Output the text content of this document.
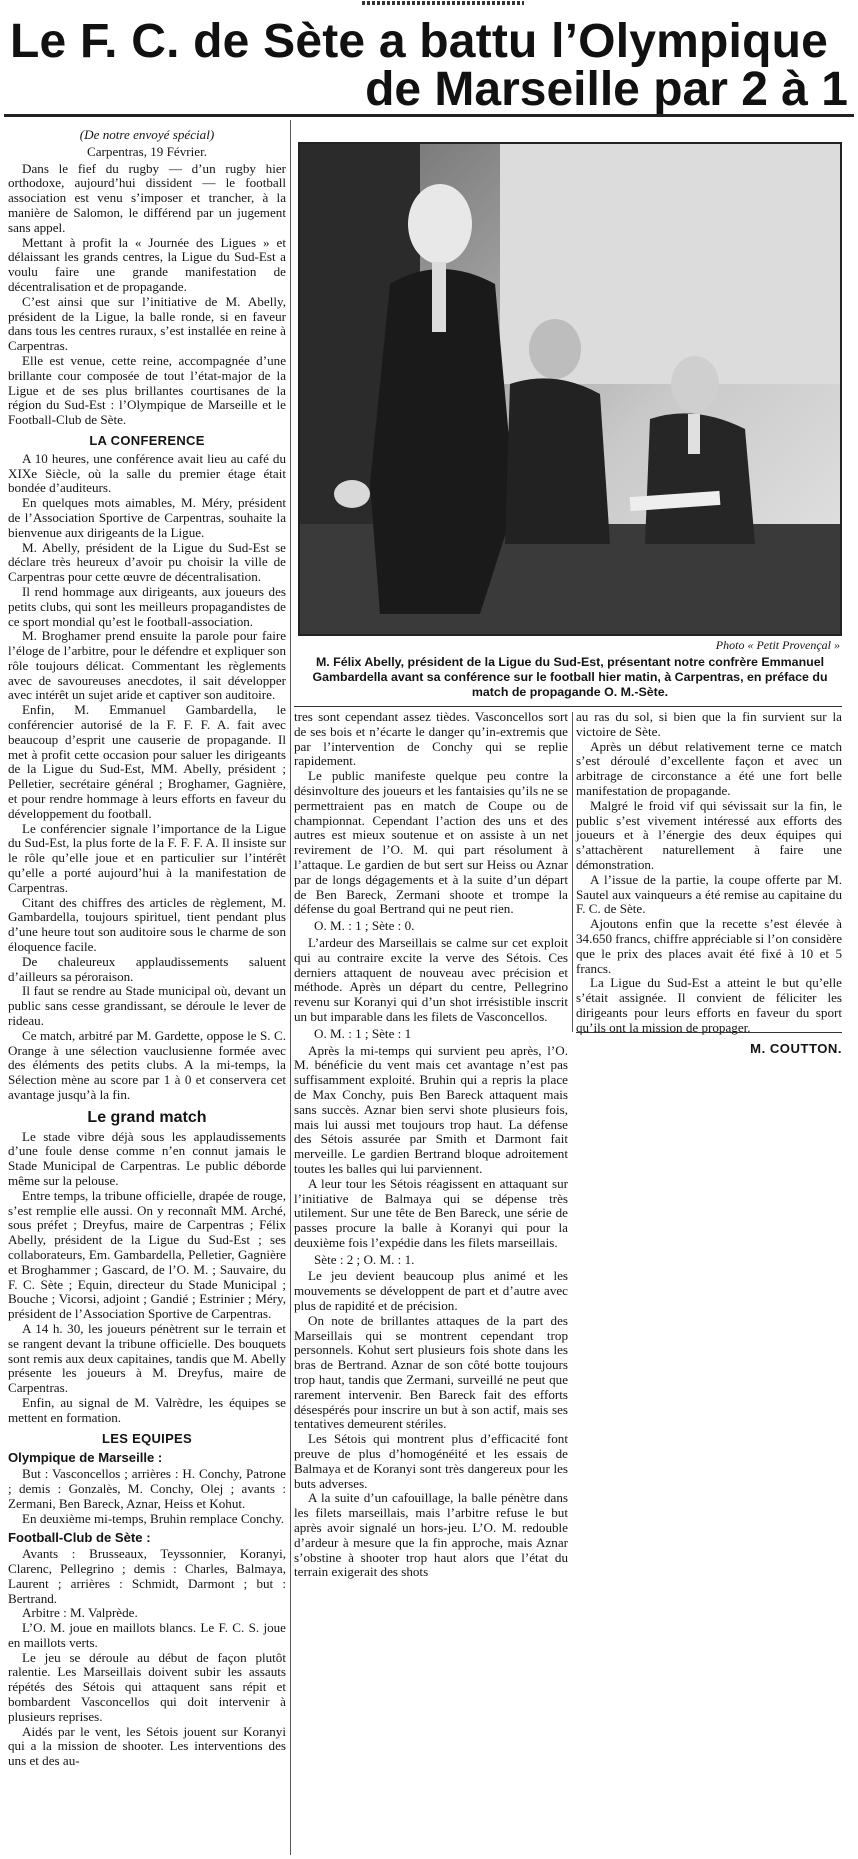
Le F. C. de Sète a battu l’Olympique
de Marseille par 2 à 1
(De notre envoyé spécial)
Carpentras, 19 Février.

Dans le fief du rugby — d’un rugby hier orthodoxe, aujourd’hui dissident — le football association est venu s’imposer et trancher, à la manière de Salomon, le différend par un jugement sans appel.

Mettant à profit la « Journée des Ligues » et délaissant les grands centres, la Ligue du Sud-Est a voulu faire une grande manifestation de décentralisation et de propagande.

C’est ainsi que sur l’initiative de M. Abelly, président de la Ligue, la balle ronde, si en faveur dans tous les centres ruraux, s’est installée en reine à Carpentras.

Elle est venue, cette reine, accompagnée d’une brillante cour composée de tout l’état-major de la Ligue et de ses plus brillantes courtisanes de la région du Sud-Est : l’Olympique de Marseille et le Football-Club de Sète.

LA CONFERENCE

A 10 heures, une conférence avait lieu au café du XIXe Siècle, où la salle du premier étage était bondée d’auditeurs.

En quelques mots aimables, M. Méry, président de l’Association Sportive de Carpentras, souhaite la bienvenue aux dirigeants de la Ligue.

M. Abelly, président de la Ligue du Sud-Est se déclare très heureux d’avoir pu choisir la ville de Carpentras pour cette œuvre de décentralisation.

Il rend hommage aux dirigeants, aux joueurs des petits clubs, qui sont les meilleurs propagandistes de ce sport mondial qu’est le football-association.

M. Broghamer prend ensuite la parole pour faire l’éloge de l’arbitre, pour le défendre et expliquer son rôle toujours délicat. Commentant les règlements avec de savoureuses anecdotes, il sait développer avec intérêt un sujet aride et captiver son auditoire.

Enfin, M. Emmanuel Gambardella, le conférencier autorisé de la F. F. F. A. fait avec beaucoup d’esprit une causerie de propagande. Il met à profit cette occasion pour saluer les dirigeants de la Ligue du Sud-Est, MM. Abelly, président ; Pelletier, secrétaire général ; Broghamer, Gagnière, et pour rendre hommage à leurs efforts en faveur du développement du football.

Le conférencier signale l’importance de la Ligue du Sud-Est, la plus forte de la F. F. F. A. Il insiste sur le rôle qu’elle joue et en particulier sur l’intérêt qu’elle a porté aujourd’hui à la manifestation de Carpentras.

Citant des chiffres des articles de règlement, M. Gambardella, toujours spirituel, tient pendant plus d’une heure tout son auditoire sous le charme de son éloquence facile.

De chaleureux applaudissements saluent d’ailleurs sa péroraison.

Il faut se rendre au Stade municipal où, devant un public sans cesse grandissant, se déroule le lever de rideau.

Ce match, arbitré par M. Gardette, oppose le S. C. Orange à une sélection vauclusienne formée avec des éléments des petits clubs. A la mi-temps, la Sélection mène au score par 1 à 0 et conservera cet avantage jusqu’à la fin.

Le grand match

Le stade vibre déjà sous les applaudissements d’une foule dense comme n’en connut jamais le Stade Municipal de Carpentras. Le public déborde même sur la pelouse.

Entre temps, la tribune officielle, drapée de rouge, s’est remplie elle aussi. On y reconnaît MM. Arché, sous préfet ; Dreyfus, maire de Carpentras ; Félix Abelly, président de la Ligue du Sud-Est ; ses collaborateurs, Em. Gambardella, Pelletier, Gagnière et Broghammer ; Gascard, de l’O. M. ; Sauvaire, du F. C. Sète ; Equin, directeur du Stade Municipal ; Bouche ; Vicorsi, adjoint ; Gandié ; Estrinier ; Méry, président de l’Association Sportive de Carpentras.

A 14 h. 30, les joueurs pénètrent sur le terrain et se rangent devant la tribune officielle. Des bouquets sont remis aux deux capitaines, tandis que M. Abelly présente les joueurs à M. Dreyfus, maire de Carpentras.

Enfin, au signal de M. Valrèdre, les équipes se mettent en formation.

LES EQUIPES
Olympique de Marseille :

But : Vasconcellos ; arrières : H. Conchy, Patrone ; demis : Gonzalès, M. Conchy, Olej ; avants : Zermani, Ben Bareck, Aznar, Heiss et Kohut.

En deuxième mi-temps, Bruhin remplace Conchy.

Football-Club de Sète :

Avants : Brusseaux, Teyssonnier, Koranyi, Clarenc, Pellegrino ; demis : Charles, Balmaya, Laurent ; arrières : Schmidt, Darmont ; but : Bertrand.

Arbitre : M. Valprède.

L’O. M. joue en maillots blancs. Le F. C. S. joue en maillots verts.

Le jeu se déroule au début de façon plutôt ralentie. Les Marseillais doivent subir les assauts répétés des Sétois qui attaquent sans répit et bombardent Vasconcellos qui doit intervenir à plusieurs reprises.

Aidés par le vent, les Sétois jouent sur Koranyi qui a la mission de shooter. Les interventions des uns et des au-

Photo « Petit Provençal »
M. Félix Abelly, président de la Ligue du Sud-Est, présentant notre confrère Emmanuel Gambardella avant sa conférence sur le football hier matin, à Carpentras, en préface du match de propagande O. M.-Sète.

tres sont cependant assez tièdes. Vasconcellos sort de ses bois et n’écarte le danger qu’in-extremis que par l’intervention de Conchy qui se replie rapidement.

Le public manifeste quelque peu contre la désinvolture des joueurs et les fantaisies qu’ils ne se permettraient pas en match de Coupe ou de championnat. Cependant l’action des uns et des autres est mieux soutenue et on assiste à un net revirement de l’O. M. qui part résolument à l’attaque. Le gardien de but sert sur Heiss ou Aznar par de longs dégagements et à la suite d’un départ de Ben Bareck, Zermani shoote et trompe la défense du goal Bertrand qui ne peut rien.

O. M. : 1 ; Sète : 0.

L’ardeur des Marseillais se calme sur cet exploit qui au contraire excite la verve des Sétois. Ces derniers attaquent de nouveau avec précision et méthode. Après un départ du centre, Pellegrino revenu sur Koranyi qui d’un shot irrésistible inscrit un but imparable dans les filets de Vasconcellos.

O. M. : 1 ; Sète : 1

Après la mi-temps qui survient peu après, l’O. M. bénéficie du vent mais cet avantage n’est pas suffisamment exploité. Bruhin qui a repris la place de Max Conchy, puis Ben Bareck attaquent mais sans succès. Aznar bien servi shote plusieurs fois, mais lui aussi met toujours trop haut. La défense des Sétois assurée par Smith et Darmont fait merveille. Le gardien Bertrand bloque adroitement toutes les balles qui lui parviennent.

A leur tour les Sétois réagissent en attaquant sur l’initiative de Balmaya qui se dépense très utilement. Sur une tête de Ben Bareck, une série de passes procure la balle à Koranyi qui pour la deuxième fois l’expédie dans les filets marseillais.

Sète : 2 ; O. M. : 1.

Le jeu devient beaucoup plus animé et les mouvements se développent de part et d’autre avec plus de rapidité et de précision.

On note de brillantes attaques de la part des Marseillais qui se montrent cependant trop personnels. Kohut sert plusieurs fois shote dans les bras de Bertrand. Aznar de son côté botte toujours trop haut, tandis que Zermani, surveillé ne peut que rarement intervenir. Ben Bareck fait des efforts désespérés pour inscrire un but à son actif, mais ses tentatives demeurent stériles.

Les Sétois qui montrent plus d’efficacité font preuve de plus d’homogénéité et les essais de Balmaya et de Koranyi sont très dangereux pour les buts adverses.

A la suite d’un cafouillage, la balle pénètre dans les filets marseillais, mais l’arbitre refuse le but après avoir signalé un hors-jeu. L’O. M. redouble d’ardeur à mesure que la fin approche, mais Aznar s’obstine à shooter trop haut alors que l’état du terrain exigerait des shots

au ras du sol, si bien que la fin survient sur la victoire de Sète.

Après un début relativement terne ce match s’est déroulé d’excellente façon et avec un arbitrage de circonstance a été une fort belle manifestation de propagande.

Malgré le froid vif qui sévissait sur la fin, le public s’est vivement intéressé aux efforts des joueurs et à l’énergie des deux équipes qui s’attachèrent naturellement à faire une démonstration.

A l’issue de la partie, la coupe offerte par M. Sautel aux vainqueurs a été remise au capitaine du F. C. de Sète.

Ajoutons enfin que la recette s’est élevée à 34.650 francs, chiffre appréciable si l’on considère que le prix des places avait été fixé à 10 et 5 francs.

La Ligue du Sud-Est a atteint le but qu’elle s’était assignée. Il convient de féliciter les dirigeants pour leurs efforts en faveur du sport qu’ils ont la mission de propager.

M. COUTTON.
